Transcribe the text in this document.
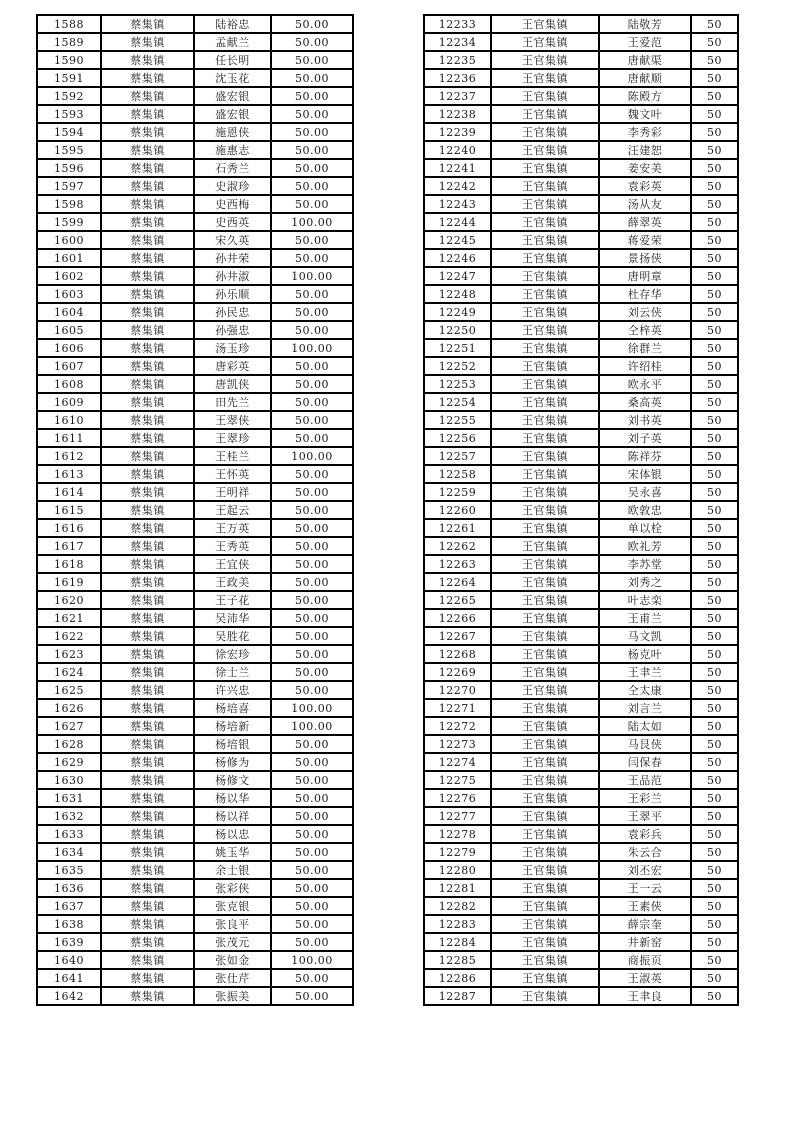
1588	蔡集镇	陆裕忠	50.00
1589	蔡集镇	孟献兰	50.00
1590	蔡集镇	任长明	50.00
1591	蔡集镇	沈玉花	50.00
1592	蔡集镇	盛宏银	50.00
1593	蔡集镇	盛宏银	50.00
1594	蔡集镇	施恩侠	50.00
1595	蔡集镇	施惠志	50.00
1596	蔡集镇	石秀兰	50.00
1597	蔡集镇	史淑珍	50.00
1598	蔡集镇	史西梅	50.00
1599	蔡集镇	史西英	100.00
1600	蔡集镇	宋久英	50.00
1601	蔡集镇	孙井荣	50.00
1602	蔡集镇	孙井淑	100.00
1603	蔡集镇	孙乐顺	50.00
1604	蔡集镇	孙民忠	50.00
1605	蔡集镇	孙强忠	50.00
1606	蔡集镇	汤玉珍	100.00
1607	蔡集镇	唐彩英	50.00
1608	蔡集镇	唐凯侠	50.00
1609	蔡集镇	田先兰	50.00
1610	蔡集镇	王翠侠	50.00
1611	蔡集镇	王翠珍	50.00
1612	蔡集镇	王桂兰	100.00
1613	蔡集镇	王怀英	50.00
1614	蔡集镇	王明祥	50.00
1615	蔡集镇	王起云	50.00
1616	蔡集镇	王万英	50.00
1617	蔡集镇	王秀英	50.00
1618	蔡集镇	王宜侠	50.00
1619	蔡集镇	王政美	50.00
1620	蔡集镇	王子花	50.00
1621	蔡集镇	吴沛华	50.00
1622	蔡集镇	吴胜花	50.00
1623	蔡集镇	徐宏珍	50.00
1624	蔡集镇	徐士兰	50.00
1625	蔡集镇	许兴忠	50.00
1626	蔡集镇	杨培喜	100.00
1627	蔡集镇	杨培新	100.00
1628	蔡集镇	杨培银	50.00
1629	蔡集镇	杨修为	50.00
1630	蔡集镇	杨修文	50.00
1631	蔡集镇	杨以华	50.00
1632	蔡集镇	杨以祥	50.00
1633	蔡集镇	杨以忠	50.00
1634	蔡集镇	姚玉华	50.00
1635	蔡集镇	余士银	50.00
1636	蔡集镇	张彩侠	50.00
1637	蔡集镇	张克银	50.00
1638	蔡集镇	张良平	50.00
1639	蔡集镇	张茂元	50.00
1640	蔡集镇	张如金	100.00
1641	蔡集镇	张仕芹	50.00
1642	蔡集镇	张振美	50.00
12233	王官集镇	陆敬芳	50
12234	王官集镇	王爱范	50
12235	王官集镇	唐献渠	50
12236	王官集镇	唐献顺	50
12237	王官集镇	陈殿方	50
12238	王官集镇	魏文叶	50
12239	王官集镇	李秀彩	50
12240	王官集镇	汪建恕	50
12241	王官集镇	姜安美	50
12242	王官集镇	袁彩英	50
12243	王官集镇	汤从友	50
12244	王官集镇	薛翠英	50
12245	王官集镇	蒋爱荣	50
12246	王官集镇	景扬侠	50
12247	王官集镇	唐明章	50
12248	王官集镇	杜存华	50
12249	王官集镇	刘云侠	50
12250	王官集镇	仝梓英	50
12251	王官集镇	徐群兰	50
12252	王官集镇	许绍桂	50
12253	王官集镇	欧永平	50
12254	王官集镇	桑高英	50
12255	王官集镇	刘书英	50
12256	王官集镇	刘子英	50
12257	王官集镇	陈祥芬	50
12258	王官集镇	宋体银	50
12259	王官集镇	吴永喜	50
12260	王官集镇	欧敦忠	50
12261	王官集镇	单以栓	50
12262	王官集镇	欧礼芳	50
12263	王官集镇	李苏堂	50
12264	王官集镇	刘秀之	50
12265	王官集镇	叶志栾	50
12266	王官集镇	王甫兰	50
12267	王官集镇	马文凯	50
12268	王官集镇	杨克叶	50
12269	王官集镇	王聿兰	50
12270	王官集镇	仝太康	50
12271	王官集镇	刘言兰	50
12272	王官集镇	陆太如	50
12273	王官集镇	马艮侠	50
12274	王官集镇	闫保春	50
12275	王官集镇	王品范	50
12276	王官集镇	王彩兰	50
12277	王官集镇	王翠平	50
12278	王官集镇	袁彩兵	50
12279	王官集镇	朱云合	50
12280	王官集镇	刘丕宏	50
12281	王官集镇	王一云	50
12282	王官集镇	王素侠	50
12283	王官集镇	薛宗奎	50
12284	王官集镇	井新窑	50
12285	王官集镇	商振页	50
12286	王官集镇	王淑英	50
12287	王官集镇	王聿良	50
